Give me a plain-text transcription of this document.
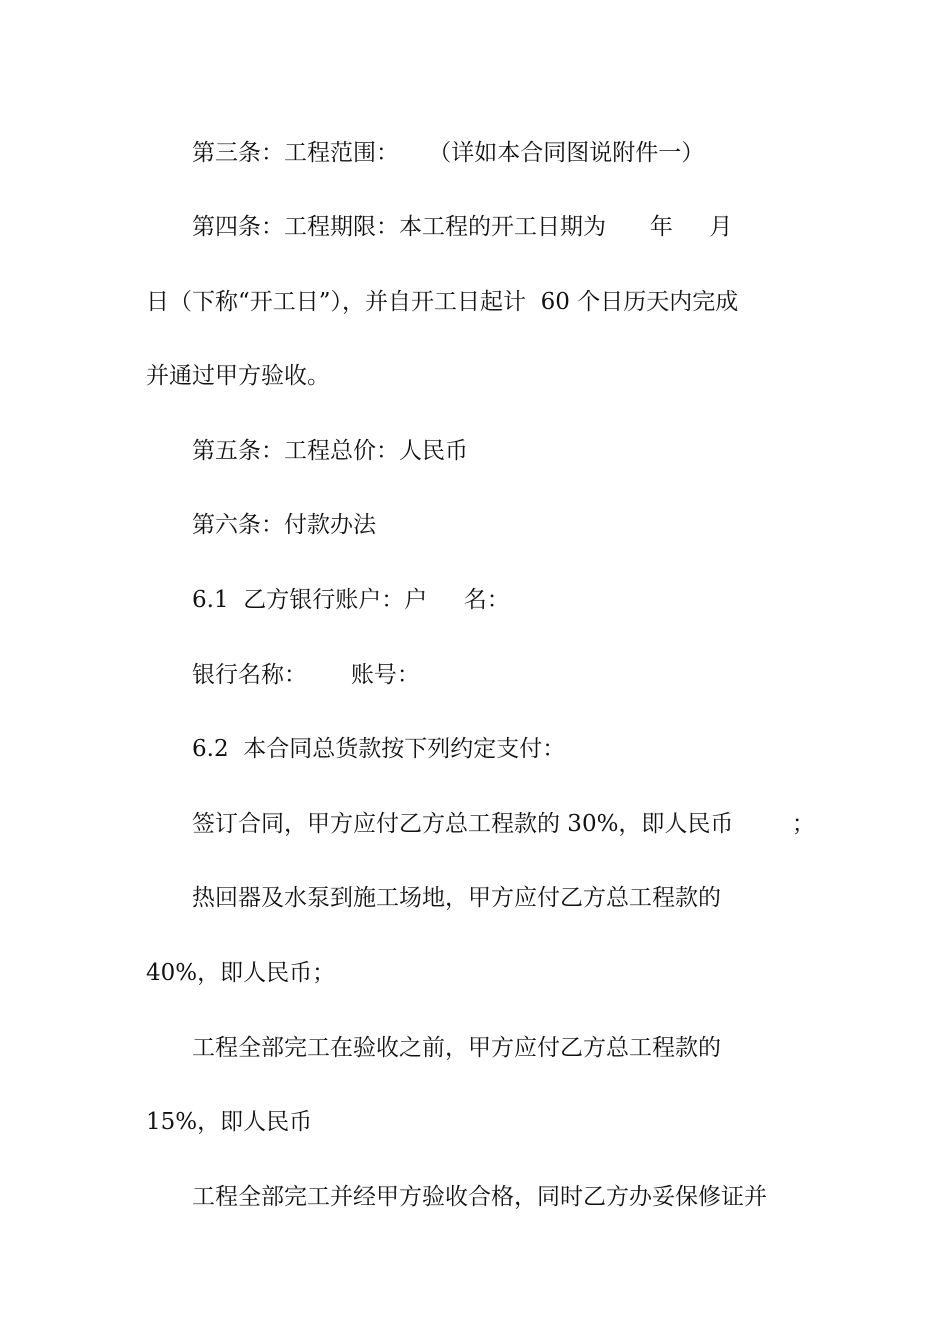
第三条：工程范围：    （详如本合同图说附件一）
第四条：工程期限：本工程的开工日期为      年     月
日（下称“开工日”），并自开工日起计  60 个日历天内完成
并通过甲方验收。
第五条：工程总价：人民币
第六条：付款办法
6.1  乙方银行账户：户     名：
银行名称：      账号：
6.2  本合同总货款按下列约定支付：
签订合同，甲方应付乙方总工程款的 30%，即人民币        ；
热回器及水泵到施工场地，甲方应付乙方总工程款的
40%，即人民币；
工程全部完工在验收之前，甲方应付乙方总工程款的
15%，即人民币
工程全部完工并经甲方验收合格，同时乙方办妥保修证并
